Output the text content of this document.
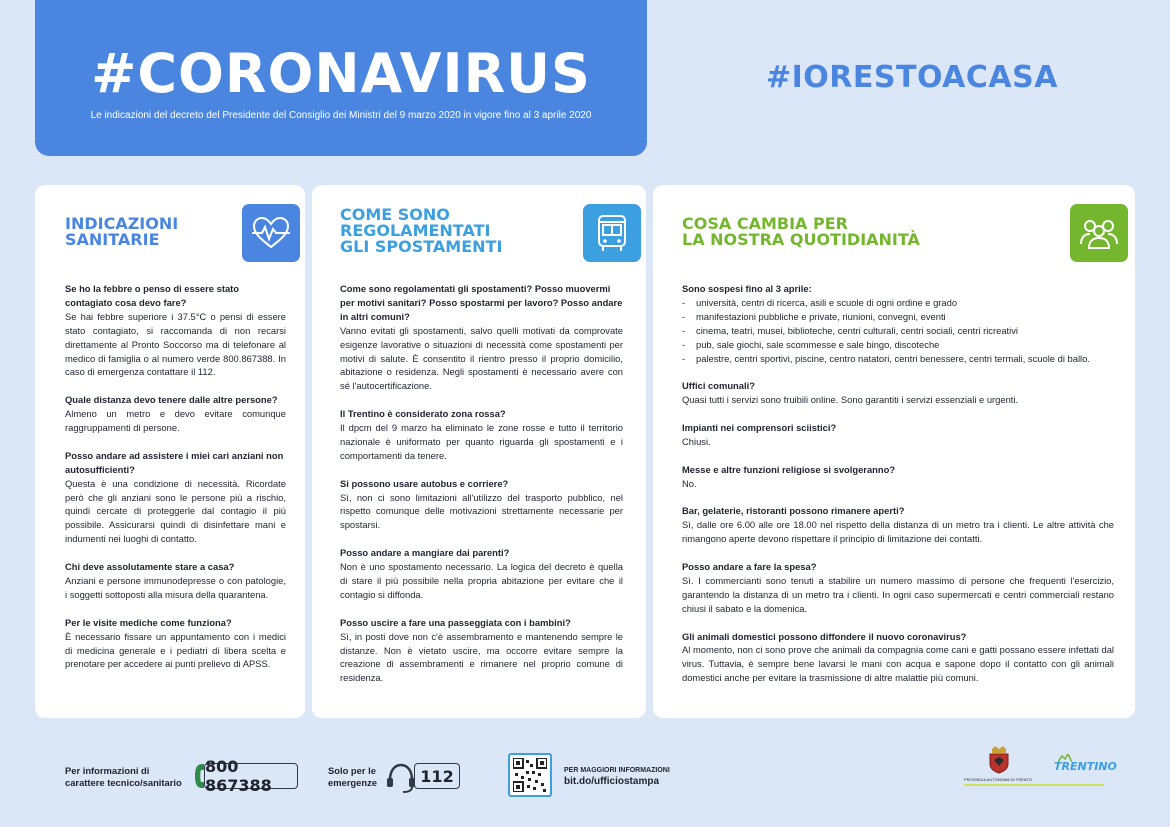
#CORONAVIRUS
Le indicazioni del decreto del Presidente del Consiglio dei Ministri del 9 marzo 2020 in vigore fino al 3 aprile 2020
#IORESTOACASA
INDICAZIONI
SANITARIE
Se ho la febbre o penso di essere stato contagiato cosa devo fare?
Se hai febbre superiore i 37.5°C o pensi di essere stato contagiato, si raccomanda di non recarsi direttamente al Pronto Soccorso ma di telefonare al medico di famiglia o al numero verde 800.867388. In caso di emergenza contattare il 112.
Quale distanza devo tenere dalle altre persone?
Almeno un metro e devo evitare comunque raggruppamenti di persone.
Posso andare ad assistere i miei cari anziani non autosufficienti?
Questa è una condizione di necessità. Ricordate però che gli anziani sono le persone più a rischio, quindi cercate di proteggerle dal contagio il più possibile. Assicurarsi quindi di disinfettare mani e indumenti nei luoghi di contatto.
Chi deve assolutamente stare a casa?
Anziani e persone immunodepresse o con patologie, i soggetti sottoposti alla misura della quarantena.
Per le visite mediche come funziona?
È necessario fissare un appuntamento con i medici di medicina generale e i pediatri di libera scelta e prenotare per accedere ai punti prelievo di APSS.
COME SONO
REGOLAMENTATI
GLI SPOSTAMENTI
Come sono regolamentati gli spostamenti? Posso muovermi per motivi sanitari? Posso spostarmi per lavoro? Posso andare in altri comuni?
Vanno evitati gli spostamenti, salvo quelli motivati da comprovate esigenze lavorative o situazioni di necessità come spostamenti per motivi di salute. È consentito il rientro presso il proprio domicilio, abitazione o residenza. Negli spostamenti è necessario avere con sé l'autocertificazione.
Il Trentino è considerato zona rossa?
Il dpcm del 9 marzo ha eliminato le zone rosse e tutto il territorio nazionale è uniformato per quanto riguarda gli spostamenti e i comportamenti da tenere.
Si possono usare autobus e corriere?
Sì, non ci sono limitazioni all'utilizzo del trasporto pubblico, nel rispetto comunque delle motivazioni strettamente necessarie per spostarsi.
Posso andare a mangiare dai parenti?
Non è uno spostamento necessario. La logica del decreto è quella di stare il più possibile nella propria abitazione per evitare che il contagio si diffonda.
Posso uscire a fare una passeggiata con i bambini?
Sì, in posti dove non c'è assembramento e mantenendo sempre le distanze. Non è vietato uscire, ma occorre evitare sempre la creazione di assembramenti e rimanere nel proprio comune di residenza.
COSA CAMBIA PER
LA NOSTRA QUOTIDIANITÀ
Sono sospesi fino al 3 aprile:
- università, centri di ricerca, asili e scuole di ogni ordine e grado
- manifestazioni pubbliche e private, riunioni, convegni, eventi
- cinema, teatri, musei, biblioteche, centri culturali, centri sociali, centri ricreativi
- pub, sale giochi, sale scommesse e sale bingo, discoteche
- palestre, centri sportivi, piscine, centro natatori, centri benessere, centri termali, scuole di ballo.
Uffici comunali?
Quasi tutti i servizi sono fruibili online. Sono garantiti i servizi essenziali e urgenti.
Impianti nei comprensori sciistici?
Chiusi.
Messe e altre funzioni religiose si svolgeranno?
No.
Bar, gelaterie, ristoranti possono rimanere aperti?
Sì, dalle ore 6.00 alle ore 18.00 nel rispetto della distanza di un metro tra i clienti. Le altre attività che rimangono aperte devono rispettare il principio di limitazione dei contatti.
Posso andare a fare la spesa?
Sì. I commercianti sono tenuti a stabilire un numero massimo di persone che frequenti l'esercizio, garantendo la distanza di un metro tra i clienti. In ogni caso supermercati e centri commerciali restano chiusi il sabato e la domenica.
Gli animali domestici possono diffondere il nuovo coronavirus?
Al momento, non ci sono prove che animali da compagnia come cani e gatti possano essere infettati dal virus. Tuttavia, è sempre bene lavarsi le mani con acqua e sapone dopo il contatto con gli animali domestici anche per evitare la trasmissione di altre malattie più comuni.
Per informazioni di
carattere tecnico/sanitario
800 867388
Solo per le
emergenze	112	PER MAGGIORI INFORMAZIONI
bit.do/ufficiostampa	PROVINCIA AUTONOMA DI TRENTO
TRENTINO
